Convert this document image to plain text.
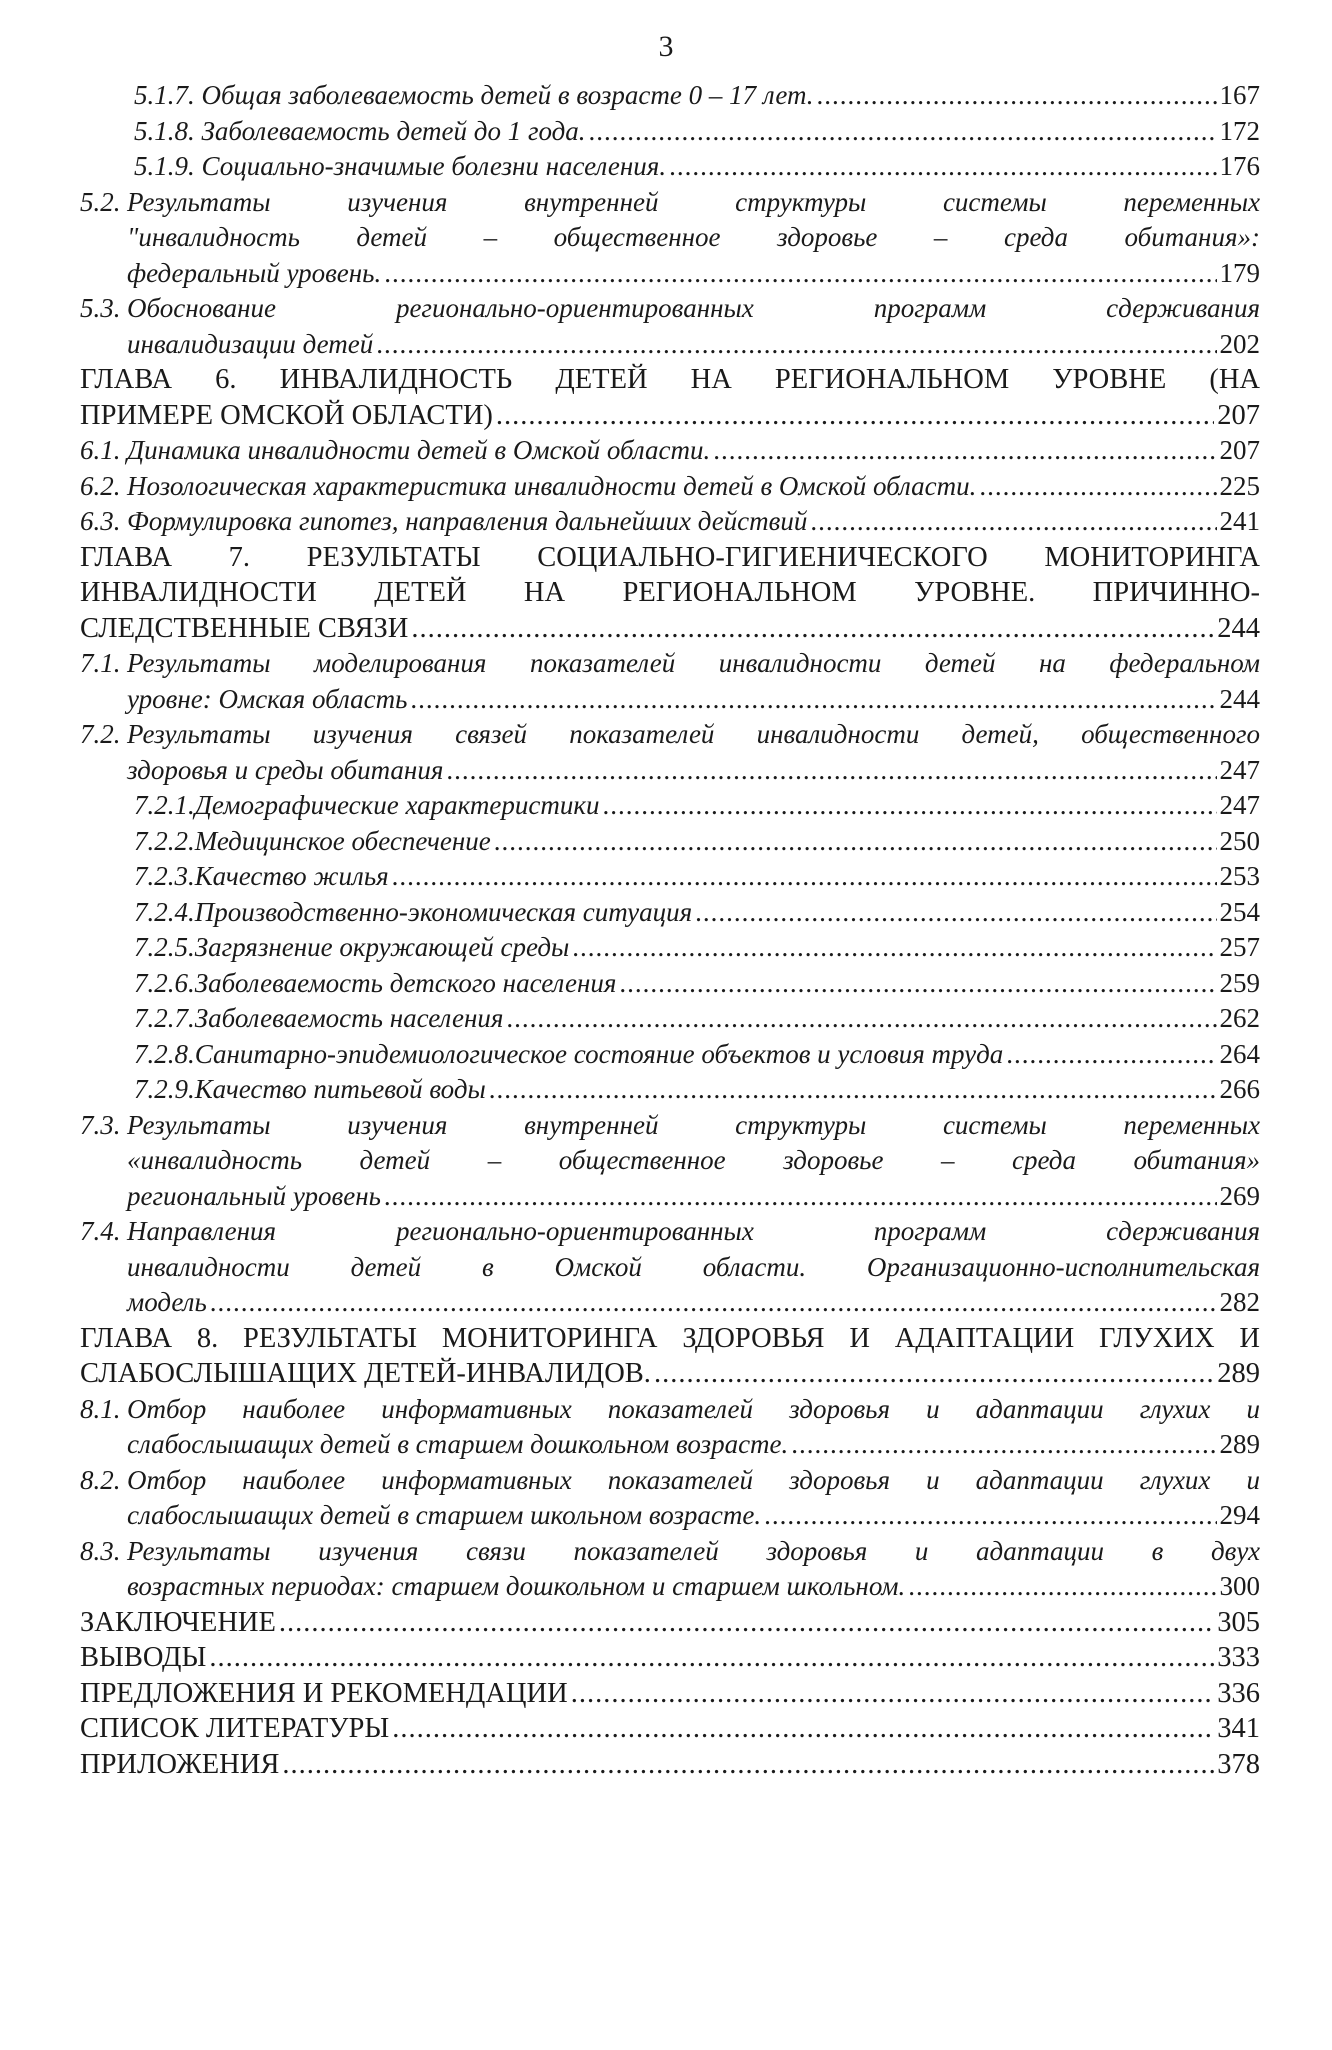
3
5.1.7. Общая заболеваемость детей в возрасте 0 – 17 лет. .....	167
5.1.8. Заболеваемость детей до 1 года. .....	172
5.1.9. Социально-значимые болезни населения. .....	176
5.2. Результаты изучения внутренней структуры системы переменных
"инвалидность детей – общественное здоровье – среда обитания»:
федеральный уровень. .....	179
5.3. Обоснование регионально-ориентированных программ сдерживания
инвалидизации детей .....	202
ГЛАВА 6. ИНВАЛИДНОСТЬ ДЕТЕЙ НА РЕГИОНАЛЬНОМ УРОВНЕ (НА
ПРИМЕРЕ ОМСКОЙ ОБЛАСТИ) .....	207
6.1. Динамика инвалидности детей в Омской области. .....	207
6.2. Нозологическая характеристика инвалидности детей в Омской области. .....	225
6.3. Формулировка гипотез, направления дальнейших действий .....	241
ГЛАВА 7. РЕЗУЛЬТАТЫ СОЦИАЛЬНО-ГИГИЕНИЧЕСКОГО МОНИТОРИНГА
ИНВАЛИДНОСТИ ДЕТЕЙ НА РЕГИОНАЛЬНОМ УРОВНЕ. ПРИЧИННО-
СЛЕДСТВЕННЫЕ СВЯЗИ .....	244
7.1. Результаты моделирования показателей инвалидности детей на федеральном
уровне: Омская область .....	244
7.2. Результаты изучения связей показателей инвалидности детей, общественного
здоровья и среды обитания .....	247
7.2.1.Демографические характеристики .....	247
7.2.2.Медицинское обеспечение .....	250
7.2.3.Качество жилья .....	253
7.2.4.Производственно-экономическая ситуация .....	254
7.2.5.Загрязнение окружающей среды .....	257
7.2.6.Заболеваемость детского населения .....	259
7.2.7.Заболеваемость населения .....	262
7.2.8.Санитарно-эпидемиологическое состояние объектов и условия труда .....	264
7.2.9.Качество питьевой воды .....	266
7.3. Результаты изучения внутренней структуры системы переменных
«инвалидность детей – общественное здоровье – среда обитания»
региональный уровень .....	269
7.4. Направления регионально-ориентированных программ сдерживания
инвалидности детей в Омской области. Организационно-исполнительская
модель .....	282
ГЛАВА 8. РЕЗУЛЬТАТЫ МОНИТОРИНГА ЗДОРОВЬЯ И АДАПТАЦИИ ГЛУХИХ И
СЛАБОСЛЫШАЩИХ ДЕТЕЙ-ИНВАЛИДОВ. .....	289
8.1. Отбор наиболее информативных показателей здоровья и адаптации глухих и
слабослышащих детей в старшем дошкольном возрасте. .....	289
8.2. Отбор наиболее информативных показателей здоровья и адаптации глухих и
слабослышащих детей в старшем школьном возрасте. .....	294
8.3. Результаты изучения связи показателей здоровья и адаптации в двух
возрастных периодах: старшем дошкольном и старшем школьном. .....	300
ЗАКЛЮЧЕНИЕ .....	305
ВЫВОДЫ .....	333
ПРЕДЛОЖЕНИЯ И РЕКОМЕНДАЦИИ .....	336
СПИСОК ЛИТЕРАТУРЫ .....	341
ПРИЛОЖЕНИЯ .....	378
